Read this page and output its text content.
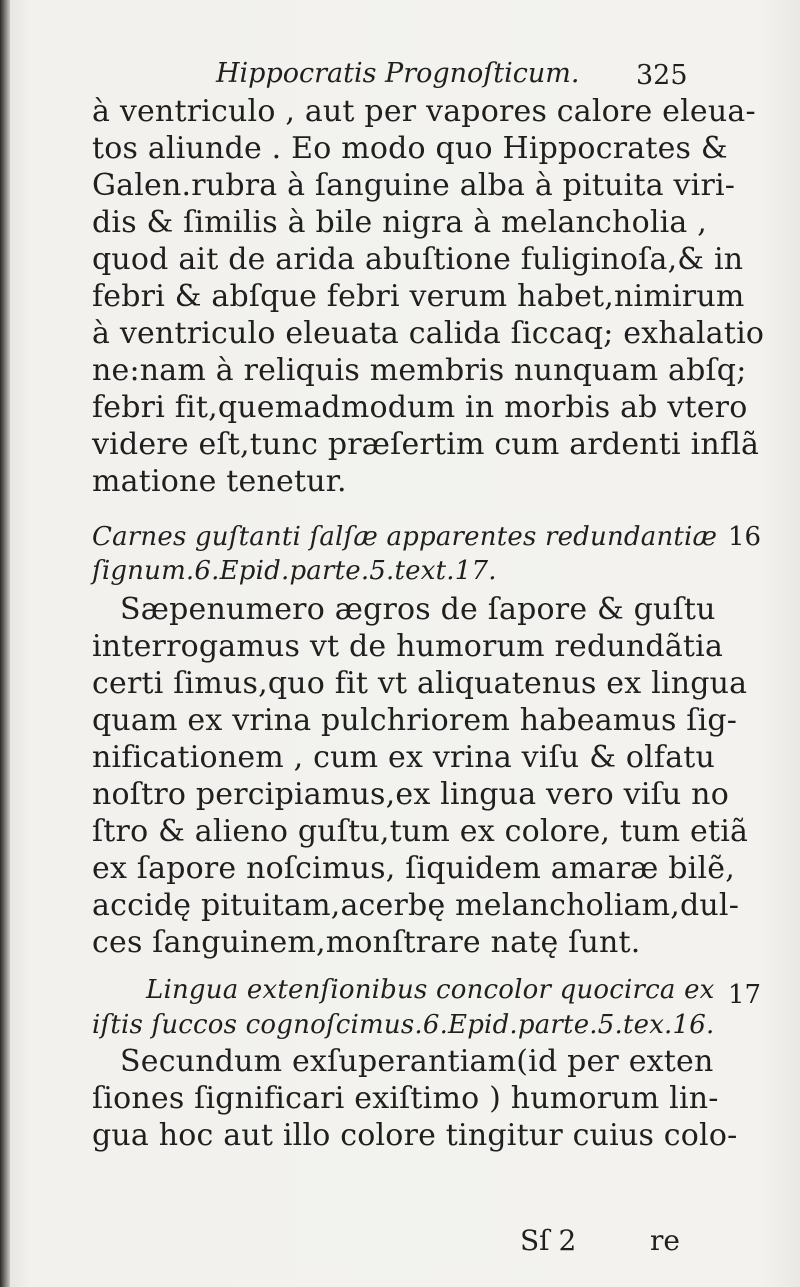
Hippocratis Prognoſticum. 325
à ventriculo , aut per vapores calore eleua-
tos aliunde . Eo modo quo Hippocrates &
Galen.rubra à ſanguine alba à pituita viri-
dis & ſimilis à bile nigra à melancholia ,
quod ait de arida abuſtione fuliginoſa,& in
febri & abſque febri verum habet,nimirum
à ventriculo eleuata calida ſiccaq; exhalatio
ne:nam à reliquis membris nunquam abſq;
febri fit,quemadmodum in morbis ab vtero
videre eſt,tunc præſertim cum ardenti inflã
matione tenetur.
Carnes guſtanti ſalſæ apparentes redundantiæ
ſignum.6.Epid.parte.5.text.17.
16
Sæpenumero ægros de ſapore & guſtu
interrogamus vt de humorum redundãtia
certi ſimus,quo fit vt aliquatenus ex lingua
quam ex vrina pulchriorem habeamus ſig-
nificationem , cum ex vrina viſu & olfatu
noſtro percipiamus,ex lingua vero viſu no
ſtro & alieno guſtu,tum ex colore, tum etiã
ex ſapore noſcimus, ſiquidem amaræ bilẽ,
accidę pituitam,acerbę melancholiam,dul-
ces ſanguinem,monſtrare natę ſunt.
Lingua extenſionibus concolor quocirca ex
iſtis ſuccos cognoſcimus.6.Epid.parte.5.tex.16.
17
Secundum exſuperantiam(id per exten
ſiones ſignificari exiſtimo ) humorum lin-
gua hoc aut illo colore tingitur cuius colo-
Sſ 2	re
